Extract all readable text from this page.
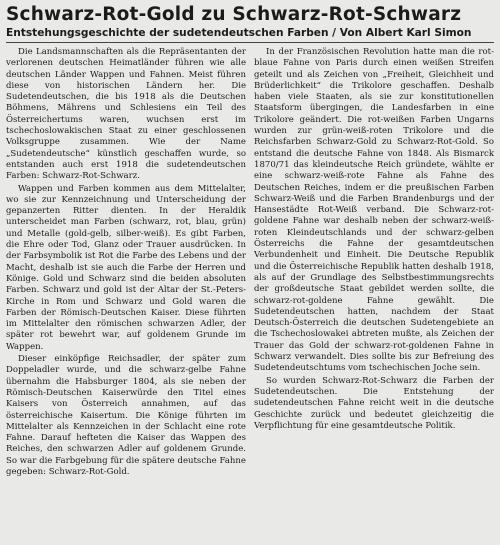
Schwarz-Rot-Gold zu Schwarz-Rot-Schwarz
Entstehungsgeschichte der sudetendeutschen Farben / Von Albert Karl Simon

Die Landsmannschaften als die Repräsentanten der verlorenen deutschen Heimatländer führen wie alle deutschen Länder Wappen und Fahnen. Meist führen diese von historischen Ländern her. Die Sudetendeutschen, die bis 1918 als die Deutschen Böhmens, Mährens und Schlesiens ein Teil des Österreichertums waren, wuchsen erst im tschechoslowakischen Staat zu einer geschlossenen Volksgruppe zusammen. Wie der Name „Sudetendeutsche“ künstlich geschaffen wurde, so entstanden auch erst 1918 die sudetendeutschen Farben: Schwarz-Rot-Schwarz.

Wappen und Farben kommen aus dem Mittelalter, wo sie zur Kennzeichnung und Unterscheidung der gepanzerten Ritter dienten. In der Heraldik unterscheidet man Farben (schwarz, rot, blau, grün) und Metalle (gold-gelb, silber-weiß). Es gibt Farben, die Ehre oder Tod, Glanz oder Trauer ausdrücken. In der Farbsymbolik ist Rot die Farbe des Lebens und der Macht, deshalb ist sie auch die Farbe der Herren und Könige. Gold und Schwarz sind die beiden absoluten Farben. Schwarz und gold ist der Altar der St.-Peters-Kirche in Rom und Schwarz und Gold waren die Farben der Römisch-Deutschen Kaiser. Diese führten im Mittelalter den römischen schwarzen Adler, der später rot bewehrt war, auf goldenem Grunde im Wappen.

Dieser einköpfige Reichsadler, der später zum Doppeladler wurde, und die schwarz-gelbe Fahne übernahm die Habsburger 1804, als sie neben der Römisch-Deutschen Kaiserwürde den Titel eines Kaisers von Österreich annahmen, auf das österreichische Kaisertum. Die Könige führten im Mittelalter als Kennzeichen in der Schlacht eine rote Fahne. Darauf hefteten die Kaiser das Wappen des Reiches, den schwarzen Adler auf goldenem Grunde. So war die Farbgebung für die spätere deutsche Fahne gegeben: Schwarz-Rot-Gold.

In der Französischen Revolution hatte man die rot-blaue Fahne von Paris durch einen weißen Streifen geteilt und als Zeichen von „Freiheit, Gleichheit und Brüderlichkeit“ die Trikolore geschaffen. Deshalb haben viele Staaten, als sie zur konstitutionellen Staatsform übergingen, die Landesfarben in eine Trikolore geändert. Die rot-weißen Farben Ungarns wurden zur grün-weiß-roten Trikolore und die Reichsfarben Schwarz-Gold zu Schwarz-Rot-Gold. So entstand die deutsche Fahne von 1848. Als Bismarck 1870/71 das kleindeutsche Reich gründete, wählte er eine schwarz-weiß-rote Fahne als Fahne des Deutschen Reiches, indem er die preußischen Farben Schwarz-Weiß und die Farben Brandenburgs und der Hansestädte Rot-Weiß verband. Die Schwarz-rot-goldene Fahne war deshalb neben der schwarz-weiß-roten Kleindeutschlands und der schwarz-gelben Österreichs die Fahne der gesamtdeutschen Verbundenheit und Einheit. Die Deutsche Republik und die Österreichische Republik hatten deshalb 1918, als auf der Grundlage des Selbstbestimmungsrechts der großdeutsche Staat gebildet werden sollte, die schwarz-rot-goldene Fahne gewählt. Die Sudetendeutschen hatten, nachdem der Staat Deutsch-Österreich die deutschen Sudetengebiete an die Tschechoslowakei abtreten mußte, als Zeichen der Trauer das Gold der schwarz-rot-goldenen Fahne in Schwarz verwandelt. Dies sollte bis zur Befreiung des Sudetendeutschtums vom tschechischen Joche sein.

So wurden Schwarz-Rot-Schwarz die Farben der Sudetendeutschen. Die Entstehung der sudetendeutschen Fahne reicht weit in die deutsche Geschichte zurück und bedeutet gleichzeitig die Verpflichtung für eine gesamtdeutsche Politik.
